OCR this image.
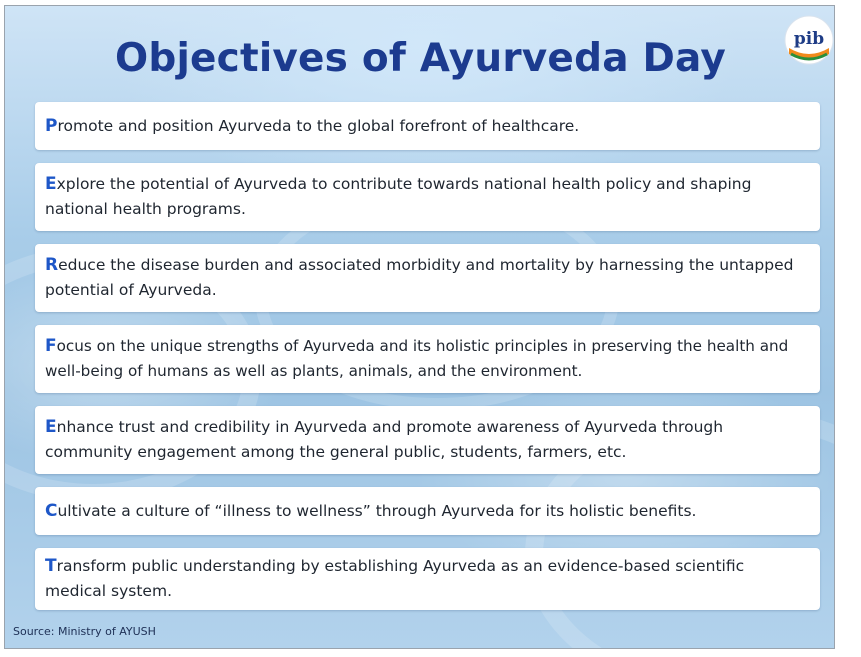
Objectives of Ayurveda Day	pib

Promote and position Ayurveda to the global forefront of healthcare.

Explore the potential of Ayurveda to contribute towards national health policy and shaping national health programs.

Reduce the disease burden and associated morbidity and mortality by harnessing the untapped potential of Ayurveda.

Focus on the unique strengths of Ayurveda and its holistic principles in preserving the health and well-being of humans as well as plants, animals, and the environment.

Enhance trust and credibility in Ayurveda and promote awareness of Ayurveda through community engagement among the general public, students, farmers, etc.

Cultivate a culture of “illness to wellness” through Ayurveda for its holistic benefits.

Transform public understanding by establishing Ayurveda as an evidence-based scientific medical system.

Source: Ministry of AYUSH
